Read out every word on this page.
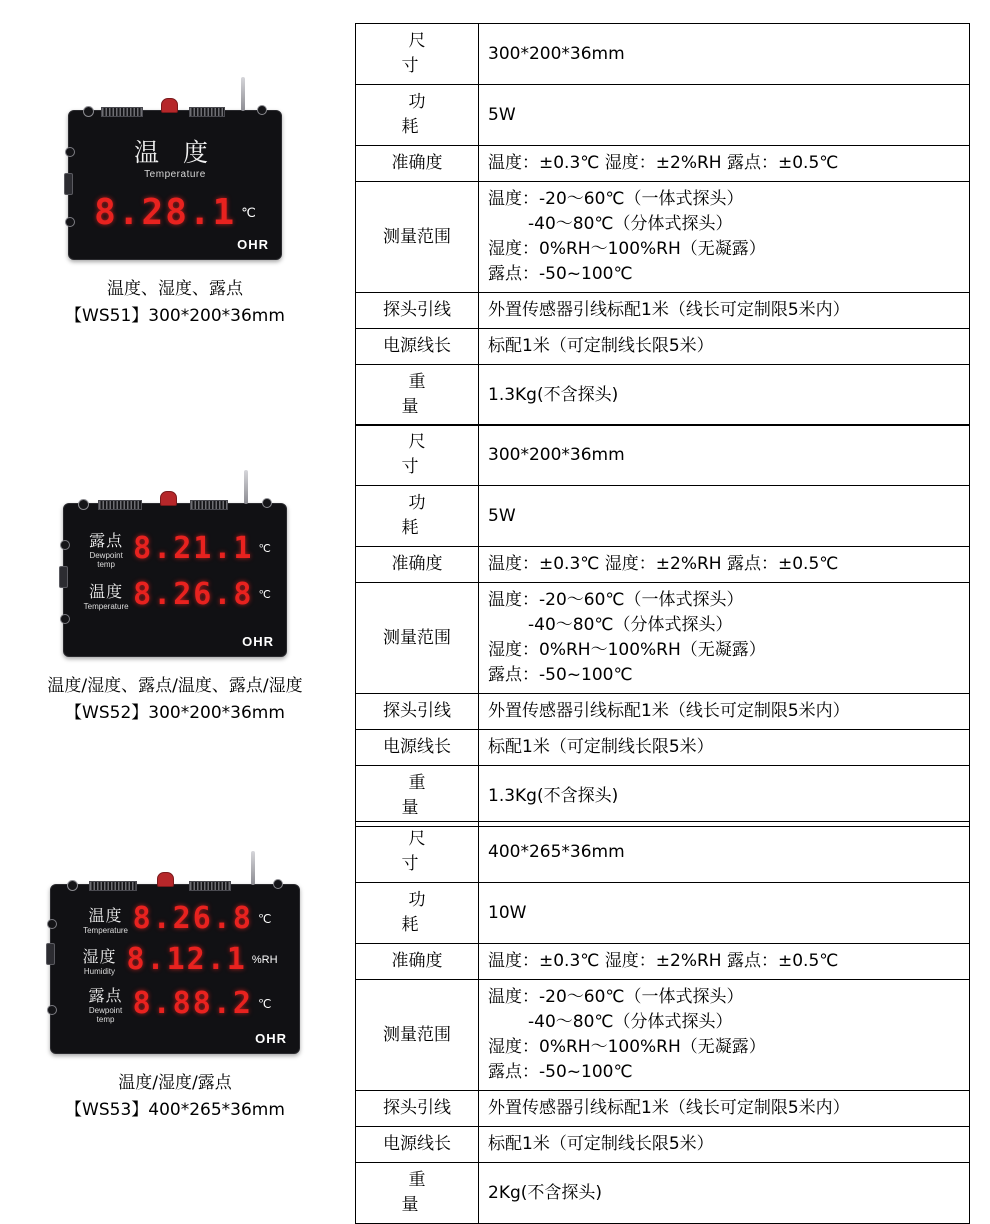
温 度
Temperature
8.28.1 ℃
OHR
温度、湿度、露点
【WS51】300*200*36mm
尺　寸	300*200*36mm
功　耗	5W
准确度	温度：±0.3℃ 湿度：±2%RH 露点：±0.5℃
测量范围	温度：-20～60℃（一体式探头）
-40～80℃（分体式探头）
湿度：0%RH～100%RH（无凝露）
露点：-50~100℃

探头引线	外置传感器引线标配1米（线长可定制限5米内）
电源线长	标配1米（可定制线长限5米）
重　量	1.3Kg(不含探头)
露点
Dewpoint
temp 8.21.1 ℃
温度
Temperature 8.26.8 ℃
OHR
温度/湿度、露点/温度、露点/湿度
【WS52】300*200*36mm
尺　寸	300*200*36mm
功　耗	5W
准确度	温度：±0.3℃ 湿度：±2%RH 露点：±0.5℃
测量范围	温度：-20～60℃（一体式探头）
-40～80℃（分体式探头）
湿度：0%RH～100%RH（无凝露）
露点：-50~100℃

探头引线	外置传感器引线标配1米（线长可定制限5米内）
电源线长	标配1米（可定制线长限5米）
重　量	1.3Kg(不含探头)
温度
Temperature 8.26.8 ℃
湿度
Humidity 8.12.1 %RH
露点
Dewpoint
temp 8.88.2 ℃
OHR
温度/湿度/露点
【WS53】400*265*36mm
尺　寸	400*265*36mm
功　耗	10W
准确度	温度：±0.3℃ 湿度：±2%RH 露点：±0.5℃
测量范围	温度：-20～60℃（一体式探头）
-40～80℃（分体式探头）
湿度：0%RH～100%RH（无凝露）
露点：-50~100℃

探头引线	外置传感器引线标配1米（线长可定制限5米内）
电源线长	标配1米（可定制线长限5米）
重　量	2Kg(不含探头)
